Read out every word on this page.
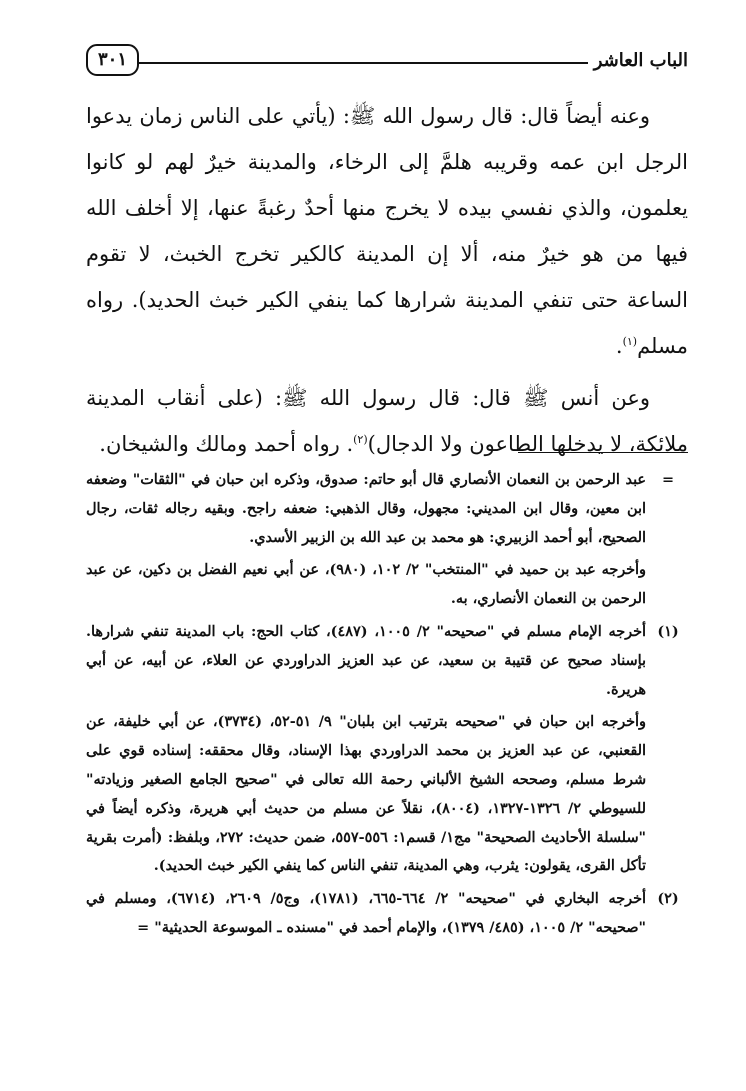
الباب العاشر
٣٠١

وعنه أيضاً قال: قال رسول الله ﷺ: (يأتي على الناس زمان يدعوا الرجل ابن عمه وقريبه هلمَّ إلى الرخاء، والمدينة خيرٌ لهم لو كانوا يعلمون، والذي نفسي بيده لا يخرج منها أحدٌ رغبةً عنها، إلا أخلف الله فيها من هو خيرٌ منه، ألا إن المدينة كالكير تخرج الخبث، لا تقوم الساعة حتى تنفي المدينة شرارها كما ينفي الكير خبث الحديد). رواه مسلم$^{(١)}$.

وعن أنس ﷺ قال: قال رسول الله ﷺ: (على أنقاب المدينة ملائكة، لا يدخلها الطاعون ولا الدجال)$^{(٢)}$. رواه أحمد ومالك والشيخان.

=

عبد الرحمن بن النعمان الأنصاري قال أبو حاتم: صدوق، وذكره ابن حبان في "الثقات" وضعفه ابن معين، وقال ابن المديني: مجهول، وقال الذهبي: ضعفه راجح. وبقيه رجاله ثقات، رجال الصحيح، أبو أحمد الزبيري: هو محمد بن عبد الله بن الزبير الأسدي.

وأخرجه عبد بن حميد في "المنتخب" ٢/ ١٠٢، (٩٨٠)، عن أبي نعيم الفضل بن دكين، عن عبد الرحمن بن النعمان الأنصاري، به.

(١)

أخرجه الإمام مسلم في "صحيحه" ٢/ ١٠٠٥، (٤٨٧)، كتاب الحج: باب المدينة تنفي شرارها. بإسناد صحيح عن قتيبة بن سعيد، عن عبد العزيز الدراوردي عن العلاء، عن أبيه، عن أبي هريرة.

وأخرجه ابن حبان في "صحيحه بترتيب ابن بلبان" ٩/ ٥١-٥٢، (٣٧٣٤)، عن أبي خليفة، عن القعنبي، عن عبد العزيز بن محمد الدراوردي بهذا الإسناد، وقال محققه: إسناده قوي على شرط مسلم، وصححه الشيخ الألباني رحمة الله تعالى في "صحيح الجامع الصغير وزيادته" للسيوطي ٢/ ١٣٢٦-١٣٢٧، (٨٠٠٤)، نقلاً عن مسلم من حديث أبي هريرة، وذكره أيضاً في "سلسلة الأحاديث الصحيحة" مج١/ قسم١: ٥٥٦-٥٥٧، ضمن حديث: ٢٧٢، وبلفظ: (أمرت بقرية تأكل القرى، يقولون: يثرب، وهي المدينة، تنفي الناس كما ينفي الكير خبث الحديد).

(٢)

أخرجه البخاري في "صحيحه" ٢/ ٦٦٤-٦٦٥، (١٧٨١)، وج٥/ ٢٦٠٩، (٦٧١٤)، ومسلم في "صحيحه" ٢/ ١٠٠٥، (٤٨٥/ ١٣٧٩)، والإمام أحمد في "مسنده ـ الموسوعة الحديثية" =
